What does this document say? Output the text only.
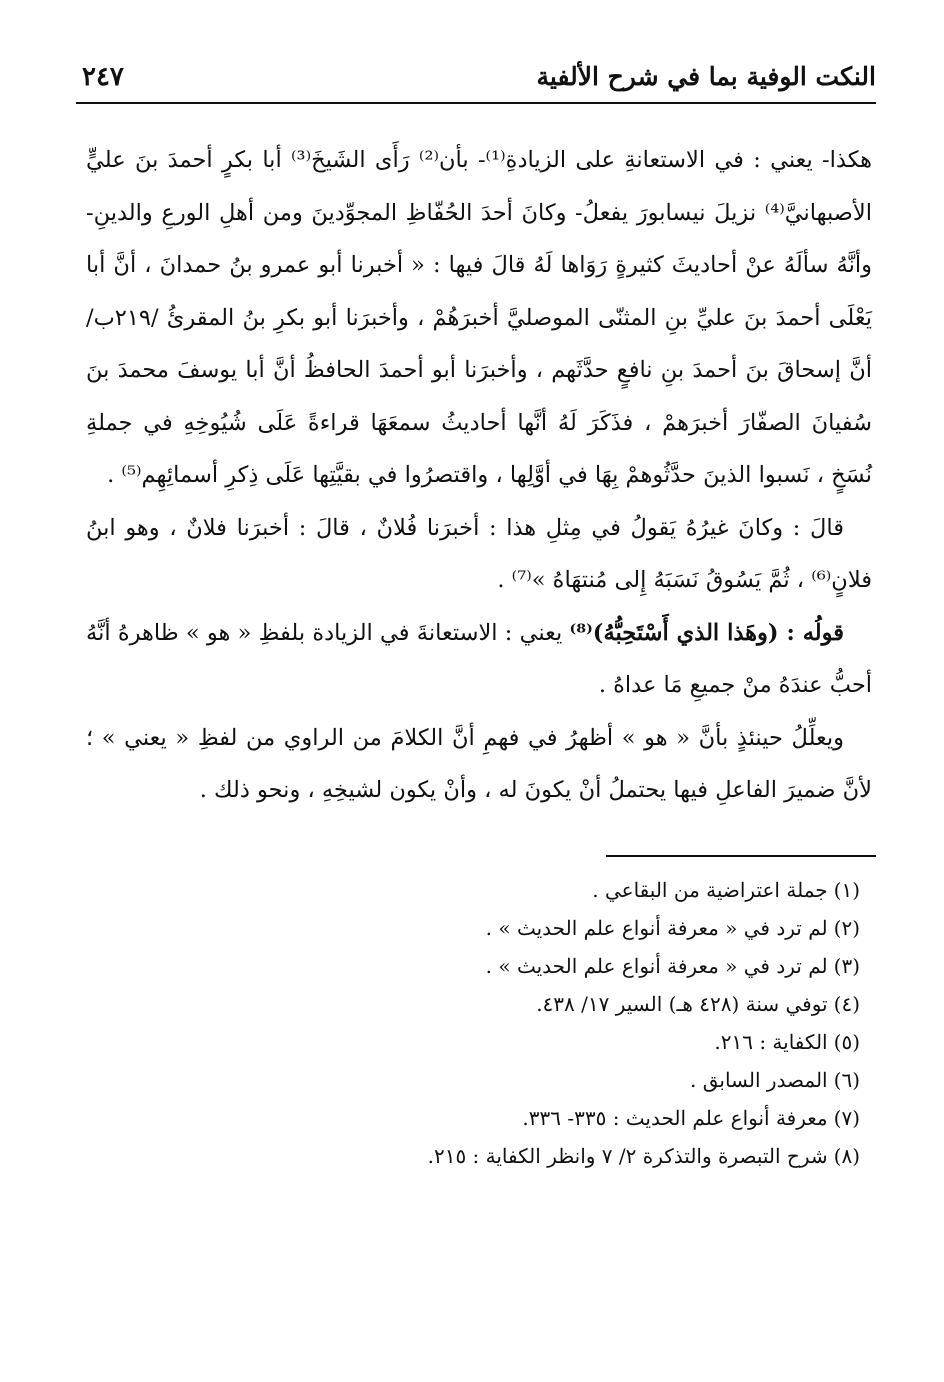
النكت الوفية بما في شرح الألفية
٢٤٧

هكذا- يعني : في الاستعانةِ على الزيادةِ⁽¹⁾- بأن⁽²⁾ رَأَى الشَيخَ⁽³⁾ أبا بكرٍ أحمدَ بنَ عليٍّ الأصبهانيَّ⁽⁴⁾ نزيلَ نيسابورَ يفعلُ- وكانَ أحدَ الحُفّاظِ المجوِّدينَ ومن أهلِ الورعِ والدينِ- وأنَّهُ سألَهُ عنْ أحاديثَ كثيرةٍ رَوَاها لَهُ قالَ فيها : « أخبرنا أبو عمرو بنُ حمدانَ ، أنَّ أبا يَعْلَى أحمدَ بنَ عليِّ بنِ المثنّى الموصليَّ أخبرَهُمْ ، وأخبرَنا أبو بكرِ بنُ المقرئُ /٢١٩ب/ أنَّ إسحاقَ بنَ أحمدَ بنِ نافعٍ حدَّثَهم ، وأخبرَنا أبو أحمدَ الحافظُ أنَّ أبا يوسفَ محمدَ بنَ سُفيانَ الصفّارَ أخبرَهمْ ، فذَكَرَ لَهُ أنَّها أحاديثُ سمعَهَا قراءةً عَلَى شُيُوخِهِ في جملةِ نُسَخٍ ، نَسبوا الذينَ حدَّثُوهمْ بِهَا في أوَّلِها ، واقتصرُوا في بقيَّتِها عَلَى ذِكرِ أسمائِهِم⁽⁵⁾ .

قالَ : وكانَ غيرُهُ يَقولُ في مِثلِ هذا : أخبرَنا فُلانٌ ، قالَ : أخبرَنا فلانٌ ، وهو ابنُ فلانٍ⁽⁶⁾ ، ثُمَّ يَسُوقُ نَسَبَهُ إِلى مُنتهَاهُ »⁽⁷⁾ .

قولُه : (وهَذا الذي أَسْتَحِبُّهُ)⁽⁸⁾ يعني : الاستعانةَ في الزيادة بلفظِ « هو » ظاهرهُ أنَّهُ أحبُّ عندَهُ منْ جميعِ مَا عداهُ .

ويعلِّلُ حينئذٍ بأنَّ « هو » أظهرُ في فهمِ أنَّ الكلامَ من الراوي من لفظِ « يعني » ؛ لأنَّ ضميرَ الفاعلِ فيها يحتملُ أنْ يكونَ له ، وأنْ يكون لشيخِهِ ، ونحو ذلك .

(١)جملة اعتراضية من البقاعي .
(٢)لم ترد في « معرفة أنواع علم الحديث » .
(٣)لم ترد في « معرفة أنواع علم الحديث » .
(٤)توفي سنة (٤٢٨ هـ) السير ١٧/ ٤٣٨.
(٥)الكفاية : ٢١٦.
(٦)المصدر السابق .
(٧)معرفة أنواع علم الحديث : ٣٣٥- ٣٣٦.
(٨)شرح التبصرة والتذكرة ٢/ ٧ وانظر الكفاية : ٢١٥.
